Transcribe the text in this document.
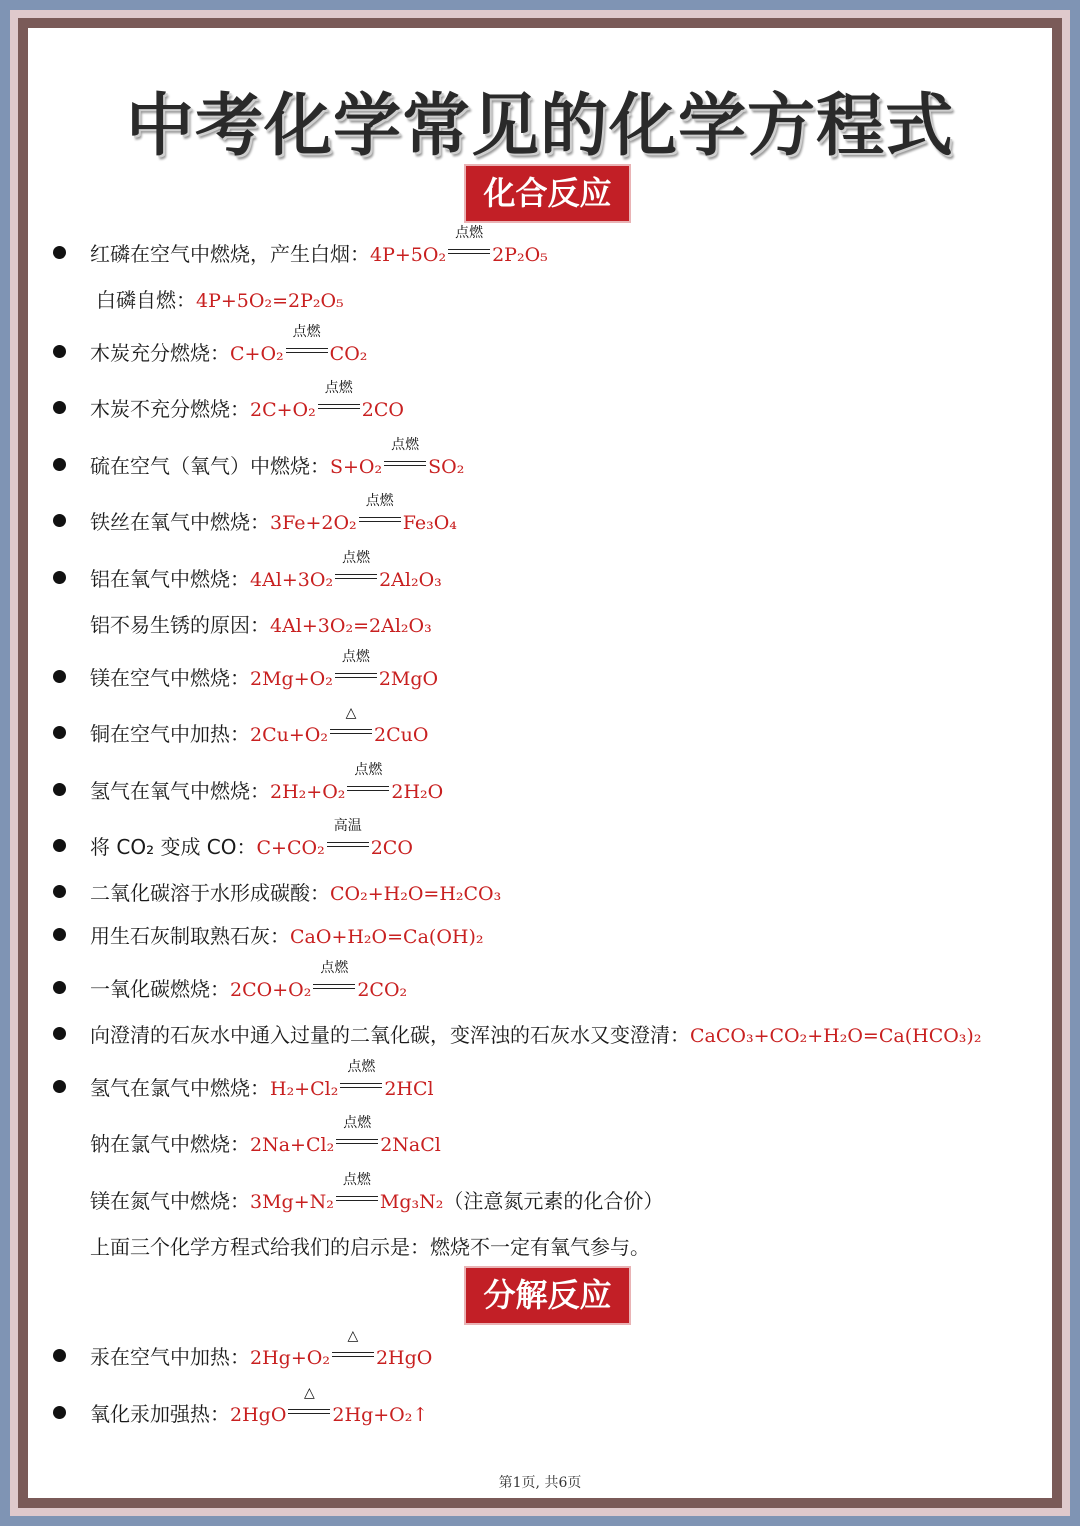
中考化学常见的化学方程式
化合反应
分解反应
红磷在空气中燃烧，产生白烟：4P+5O₂
点燃
2P₂O₅
白磷自燃：4P+5O₂=2P₂O₅
木炭充分燃烧：C+O₂
点燃
CO₂
木炭不充分燃烧：2C+O₂
点燃
2CO
硫在空气（氧气）中燃烧：S+O₂
点燃
SO₂
铁丝在氧气中燃烧：3Fe+2O₂
点燃
Fe₃O₄
铝在氧气中燃烧：4Al+3O₂
点燃
2Al₂O₃
铝不易生锈的原因：4Al+3O₂=2Al₂O₃
镁在空气中燃烧：2Mg+O₂
点燃
2MgO
铜在空气中加热：2Cu+O₂
△
2CuO
氢气在氧气中燃烧：2H₂+O₂
点燃
2H₂O
将 CO₂ 变成 CO：C+CO₂
高温
2CO
二氧化碳溶于水形成碳酸：CO₂+H₂O=H₂CO₃
用生石灰制取熟石灰：CaO+H₂O=Ca(OH)₂
一氧化碳燃烧：2CO+O₂
点燃
2CO₂
向澄清的石灰水中通入过量的二氧化碳，变浑浊的石灰水又变澄清：CaCO₃+CO₂+H₂O=Ca(HCO₃)₂
氢气在氯气中燃烧：H₂+Cl₂
点燃
2HCl
钠在氯气中燃烧：2Na+Cl₂
点燃
2NaCl
镁在氮气中燃烧：3Mg+N₂
点燃
Mg₃N₂（注意氮元素的化合价）
上面三个化学方程式给我们的启示是：燃烧不一定有氧气参与。
汞在空气中加热：2Hg+O₂
△
2HgO
氧化汞加强热：2HgO
△
2Hg+O₂↑
第1页, 共6页
